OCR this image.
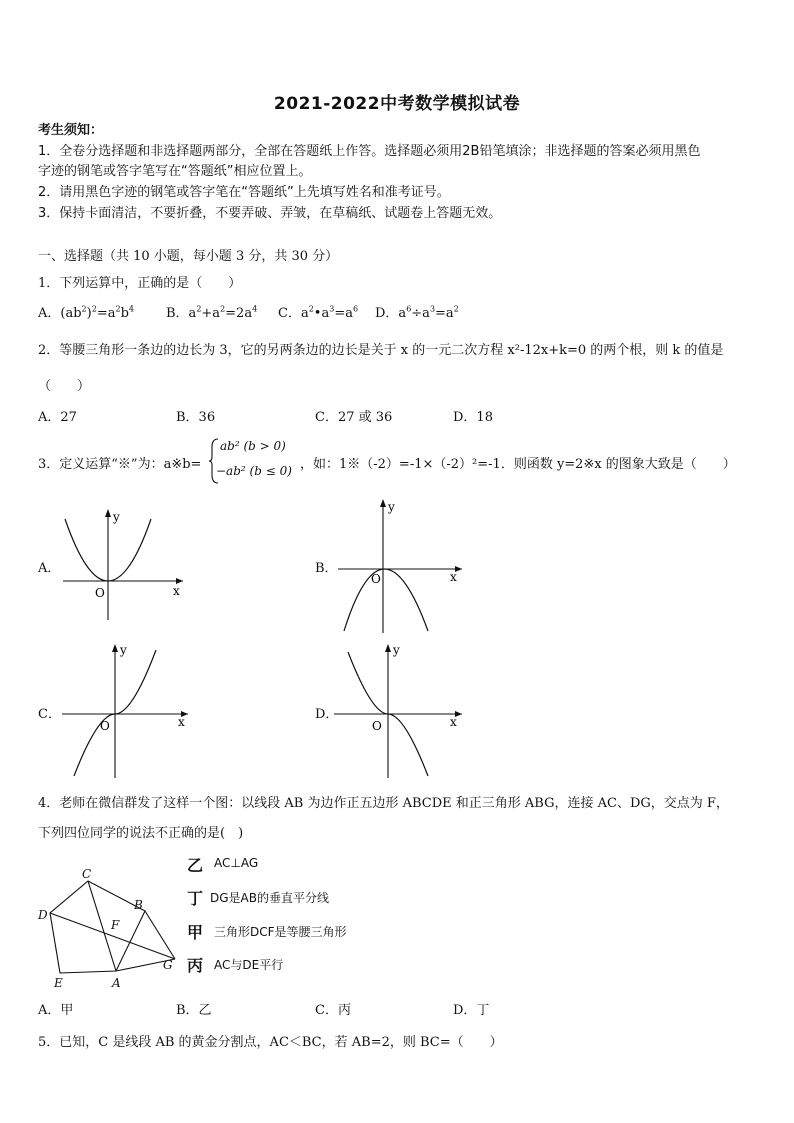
2021-2022中考数学模拟试卷
考生须知：
1．全卷分选择题和非选择题两部分，全部在答题纸上作答。选择题必须用2B铅笔填涂；非选择题的答案必须用黑色
字迹的钢笔或答字笔写在“答题纸”相应位置上。
2．请用黑色字迹的钢笔或答字笔在“答题纸”上先填写姓名和准考证号。
3．保持卡面清洁，不要折叠，不要弄破、弄皱，在草稿纸、试题卷上答题无效。
一、选择题（共 10 小题，每小题 3 分，共 30 分）
1．下列运算中，正确的是（　　）
A．$(ab^2)^2=a^2b^4$ B．$a^2+a^2=2a^4$ C．$a^2•a^3=a^6$ D．$a^6\div a^3=a^2$
2．等腰三角形一条边的边长为 3，它的另两条边的边长是关于 x 的一元二次方程 x²-12x+k=0 的两个根，则 k 的值是
（　　）
A．27	B．36	C．27 或 36	D．18
3．定义运算“※”为：a※b=
ab² (b > 0)
−ab² (b ≤ 0) ，如：1※（-2）=-1×（-2）²=-1．则函数 y=2※x 的图象大致是（　　）
A．
y
x
O
B．
y
x
O
C．
y
x
O
D．
y
x
O
4．老师在微信群发了这样一个图：以线段 AB 为边作正五边形 ABCDE 和正三角形 ABG，连接 AC、DG，交点为 F，
下列四位同学的说法不正确的是(　)
C
B
D
F
E	A
G
乙 AC⊥AG
丁 DG是AB的垂直平分线
甲 三角形DCF是等腰三角形
丙 AC与DE平行
A．甲	B．乙	C．丙	D．丁
5．已知，C 是线段 AB 的黄金分割点，AC＜BC，若 AB=2，则 BC=（　　）
